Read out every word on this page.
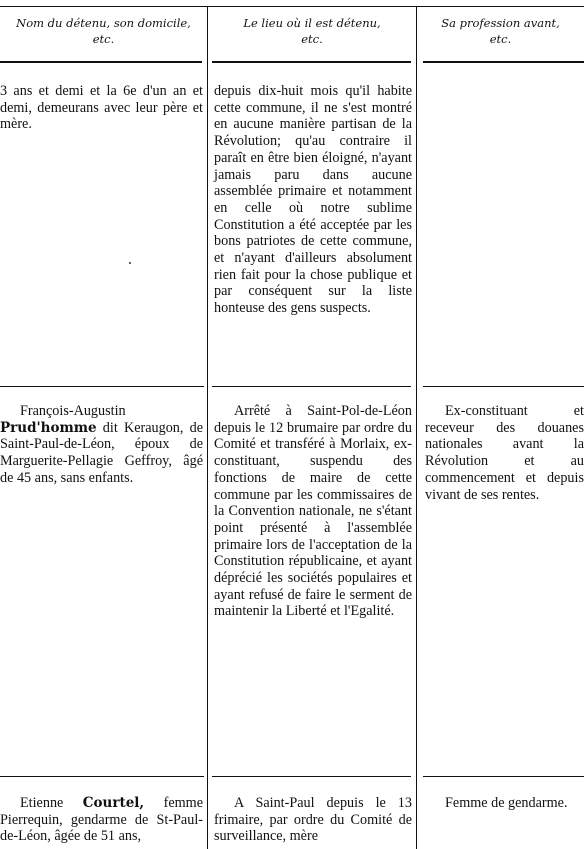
Nom du détenu, son domicile,
etc.
Le lieu où il est détenu,
etc.
Sa profession avant,
etc.

3 ans et demi et la 6e d'un an et demi, demeurans avec leur père et mère.

depuis dix-huit mois qu'il habite cette commune, il ne s'est montré en aucune manière partisan de la Révolution; qu'au contraire il paraît en être bien éloigné, n'ayant jamais paru dans aucune assemblée primaire et notamment en celle où notre sublime Constitution a été acceptée par les bons patriotes de cette commune, et n'ayant d'ailleurs absolument rien fait pour la chose publique et par conséquent sur la liste honteuse des gens suspects.

François-Augustin Prud'homme dit Keraugon, de Saint-Paul-de-Léon, époux de Marguerite-Pellagie Geffroy, âgé de 45 ans, sans enfants.

Arrêté à Saint-Pol-de-Léon depuis le 12 brumaire par ordre du Comité et transféré à Morlaix, ex-constituant, suspendu des fonctions de maire de cette commune par les commissaires de la Convention nationale, ne s'étant point présenté à l'assemblée primaire lors de l'acceptation de la Constitution républicaine, et ayant déprécié les sociétés populaires et ayant refusé de faire le serment de maintenir la Liberté et l'Egalité.

Ex-constituant et receveur des douanes nationales avant la Révolution et au commencement et depuis vivant de ses rentes.

Etienne Courtel, femme Pierrequin, gendarme de St-Paul-de-Léon, âgée de 51 ans,

A Saint-Paul depuis le 13 frimaire, par ordre du Comité de surveillance, mère

Femme de gendarme.
